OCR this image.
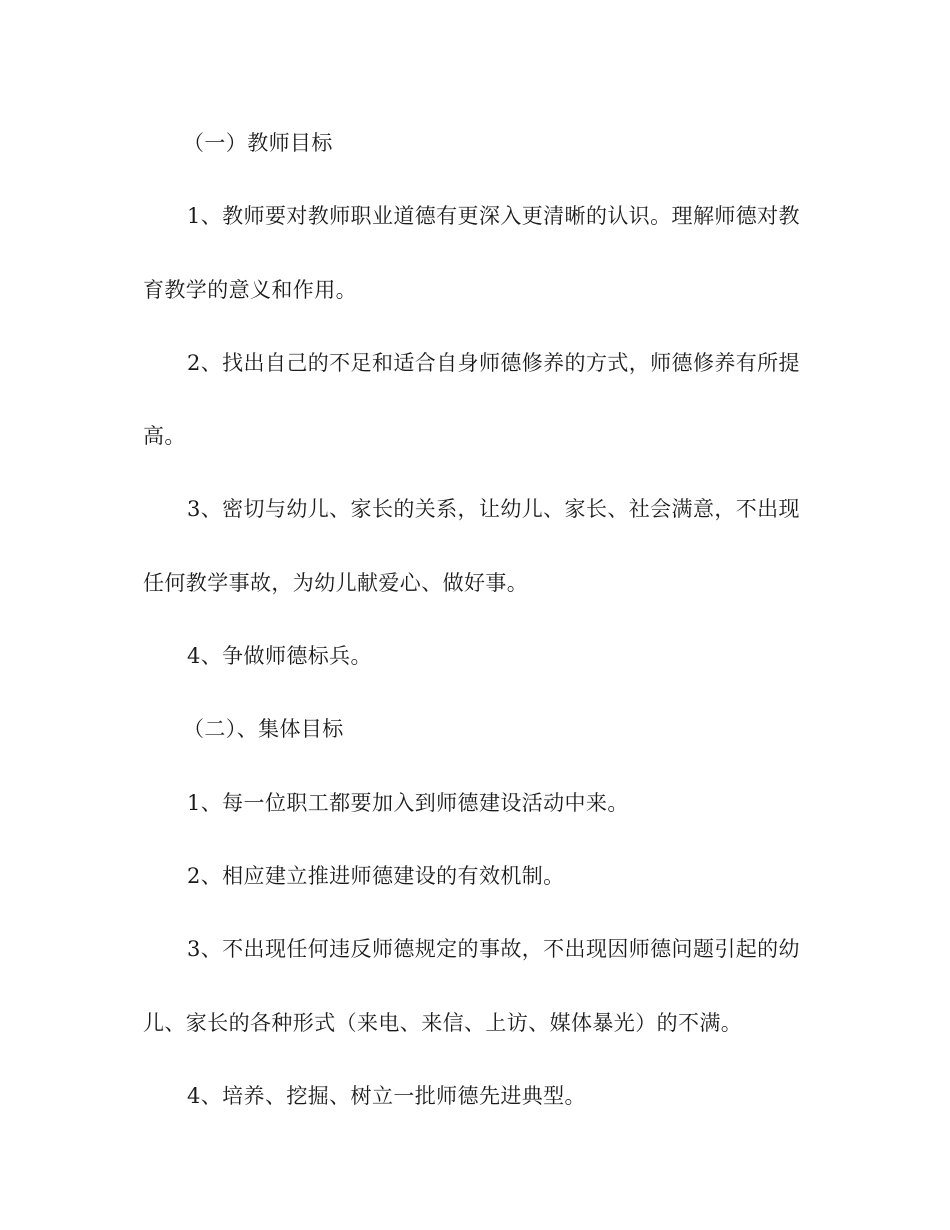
（一）教师目标

1、教师要对教师职业道德有更深入更清晰的认识。理解师德对教

育教学的意义和作用。

2、找出自己的不足和适合自身师德修养的方式，师德修养有所提

高。

3、密切与幼儿、家长的关系，让幼儿、家长、社会满意，不出现

任何教学事故，为幼儿献爱心、做好事。

4、争做师德标兵。

（二）、集体目标

1、每一位职工都要加入到师德建设活动中来。

2、相应建立推进师德建设的有效机制。

3、不出现任何违反师德规定的事故，不出现因师德问题引起的幼

儿、家长的各种形式（来电、来信、上访、媒体暴光）的不满。

4、培养、挖掘、树立一批师德先进典型。
